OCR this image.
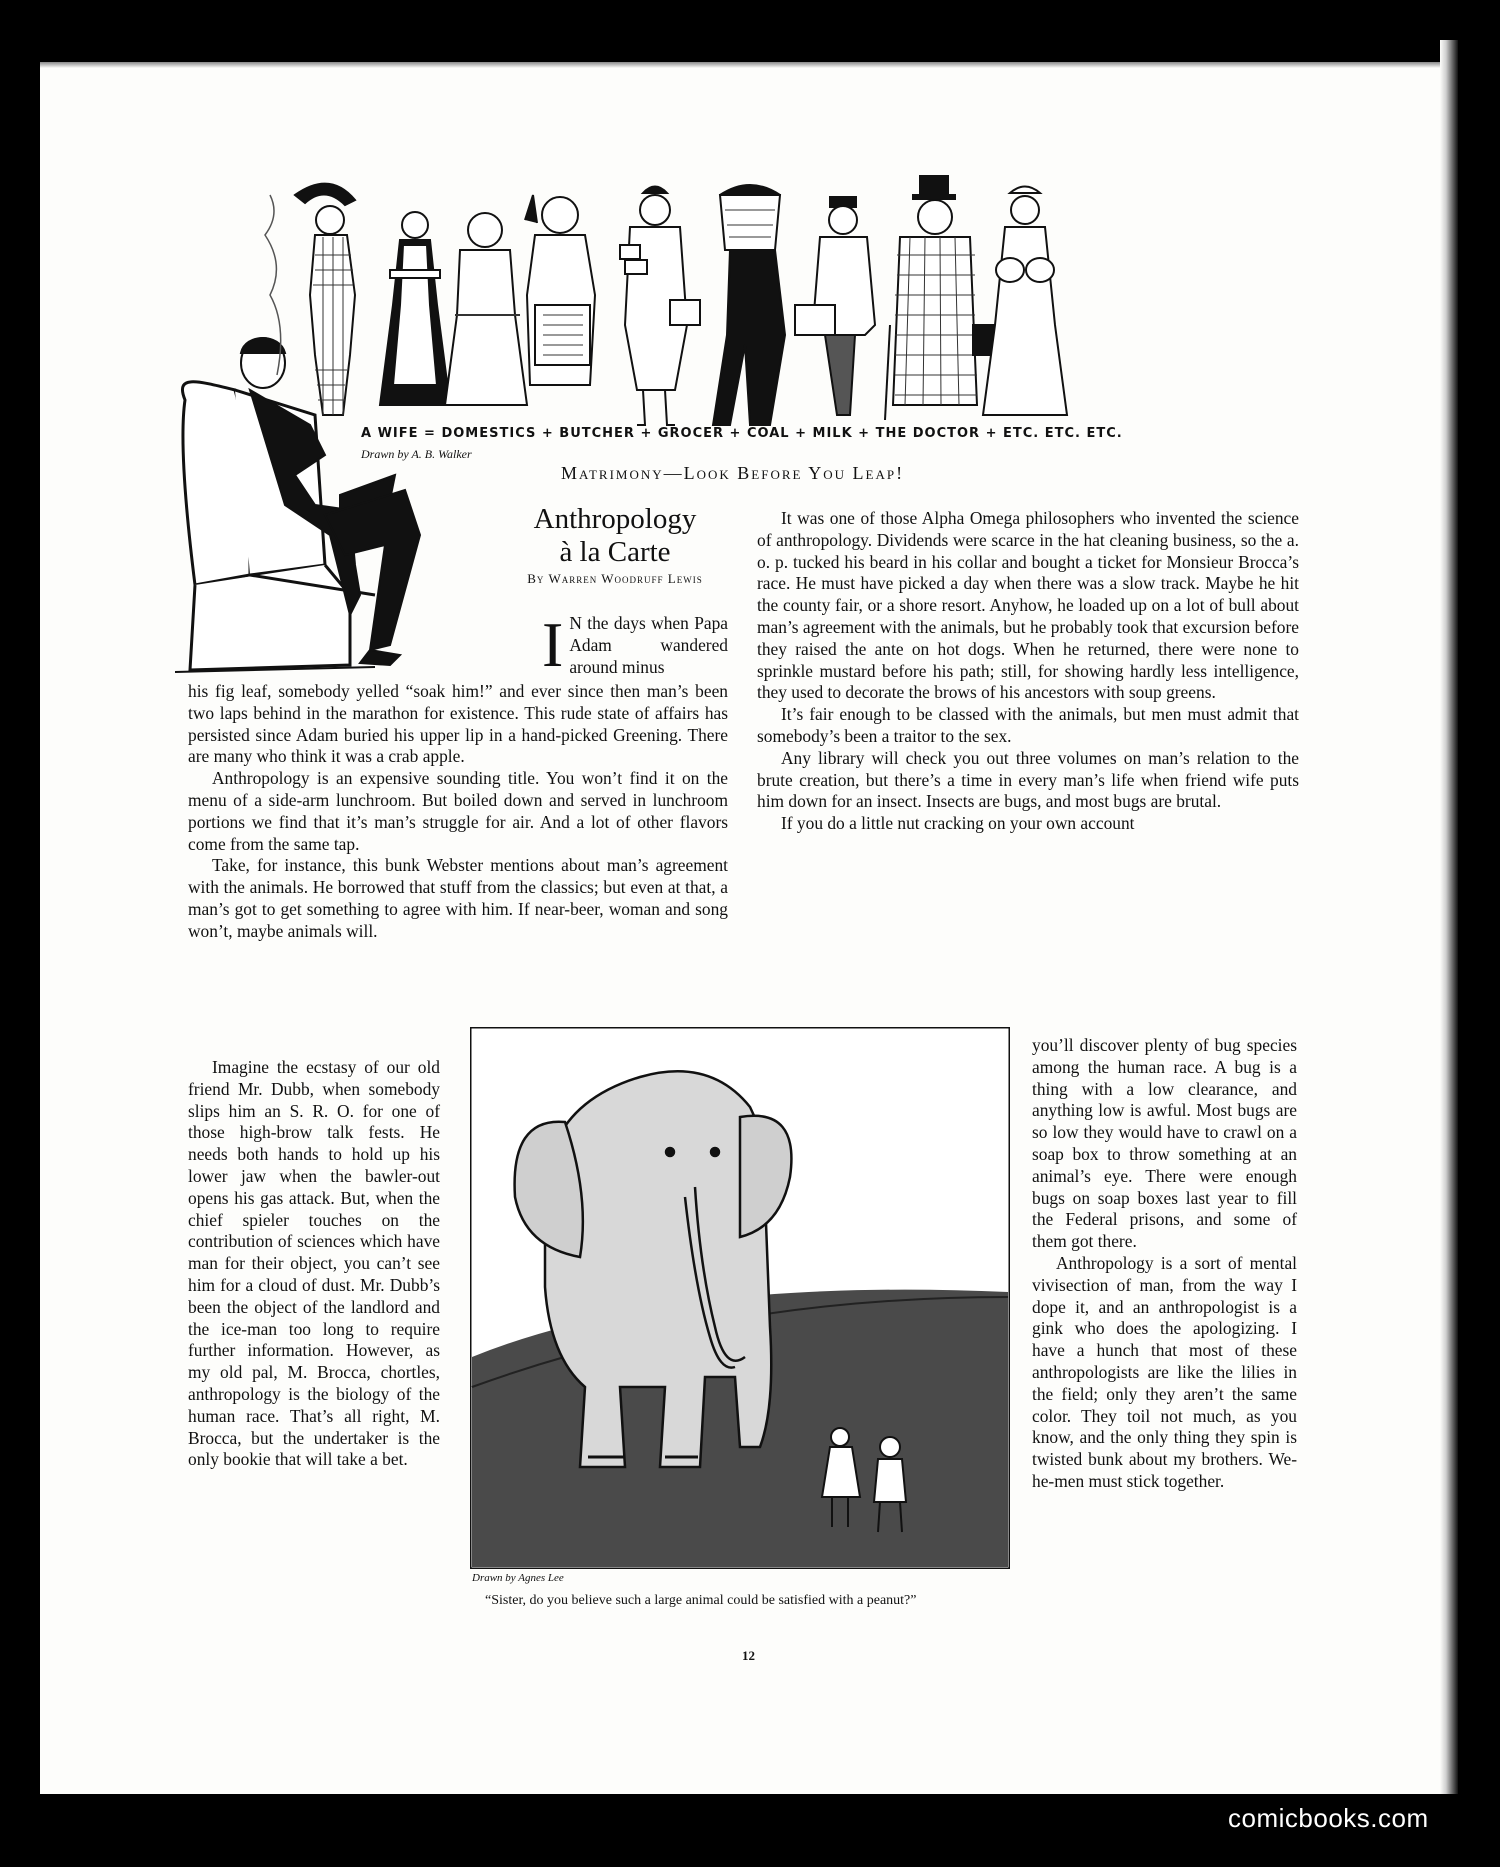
A WIFE = DOMESTICS + BUTCHER + GROCER + COAL + MILK + THE DOCTOR + ETC. ETC. ETC.
Drawn by A. B. Walker
Matrimony—Look Before You Leap!
Anthropology
à la Carte
By Warren Woodruff Lewis
I N the days when Papa Adam wandered around minus

his fig leaf, somebody yelled “soak him!” and ever since then man’s been two laps behind in the marathon for existence. This rude state of affairs has persisted since Adam buried his upper lip in a hand-picked Greening. There are many who think it was a crab apple.

Anthropology is an expensive sounding title. You won’t find it on the menu of a side-arm lunchroom. But boiled down and served in lunchroom portions we find that it’s man’s struggle for air. And a lot of other flavors come from the same tap.

Take, for instance, this bunk Webster mentions about man’s agreement with the animals. He borrowed that stuff from the classics; but even at that, a man’s got to get something to agree with him. If near-beer, woman and song won’t, maybe animals will.

Imagine the ecstasy of our old friend Mr. Dubb, when somebody slips him an S. R. O. for one of those high-brow talk fests. He needs both hands to hold up his lower jaw when the bawler-out opens his gas attack. But, when the chief spieler touches on the contribution of sciences which have man for their object, you can’t see him for a cloud of dust. Mr. Dubb’s been the object of the landlord and the ice-man too long to require further information. However, as my old pal, M. Brocca, chortles, anthropology is the biology of the human race. That’s all right, M. Brocca, but the undertaker is the only bookie that will take a bet.

It was one of those Alpha Omega philosophers who invented the science of anthropology. Dividends were scarce in the hat cleaning business, so the a. o. p. tucked his beard in his collar and bought a ticket for Monsieur Brocca’s race. He must have picked a day when there was a slow track. Maybe he hit the county fair, or a shore resort. Anyhow, he loaded up on a lot of bull about man’s agreement with the animals, but he probably took that excursion before they raised the ante on hot dogs. When he returned, there were none to sprinkle mustard before his path; still, for showing hardly less intelligence, they used to decorate the brows of his ancestors with soup greens.

It’s fair enough to be classed with the animals, but men must admit that somebody’s been a traitor to the sex.

Any library will check you out three volumes on man’s relation to the brute creation, but there’s a time in every man’s life when friend wife puts him down for an insect. Insects are bugs, and most bugs are brutal.

If you do a little nut cracking on your own account

you’ll discover plenty of bug species among the human race. A bug is a thing with a low clearance, and anything low is awful. Most bugs are so low they would have to crawl on a soap box to throw something at an animal’s eye. There were enough bugs on soap boxes last year to fill the Federal prisons, and some of them got there.

Anthropology is a sort of mental vivisection of man, from the way I dope it, and an anthropologist is a gink who does the apologizing. I have a hunch that most of these anthropologists are like the lilies in the field; only they aren’t the same color. They toil not much, as you know, and the only thing they spin is twisted bunk about my brothers. We-he-men must stick together.

Drawn by Agnes Lee
“Sister, do you believe such a large animal could be satisfied with a peanut?”
12
comicbooks.com
